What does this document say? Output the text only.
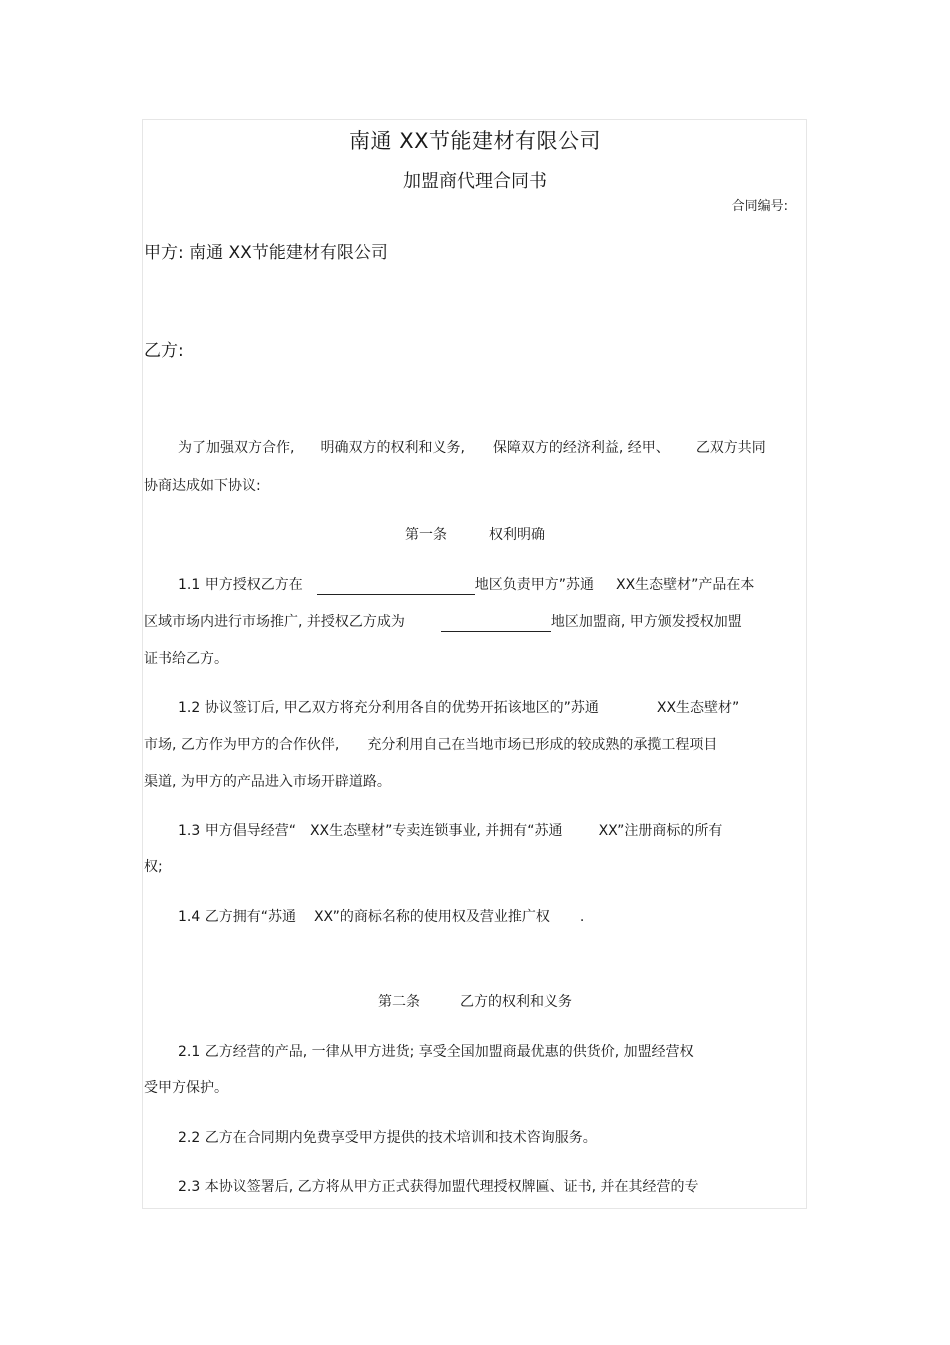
南通 XX节能建材有限公司
加盟商代理合同书
合同编号:
甲方: 南通 XX节能建材有限公司
乙方:
为了加强双方合作, 明确双方的权利和义务, 保障双方的经济利益, 经甲、 乙双方共同
协商达成如下协议:
第一条	权利明确
1.1 甲方授权乙方在	地区负责甲方”苏通 XX生态壁材”产品在本
区域市场内进行市场推广, 并授权乙方成为	地区加盟商, 甲方颁发授权加盟
证书给乙方。
1.2 协议签订后, 甲乙双方将充分利用各自的优势开拓该地区的”苏通	XX生态壁材”
市场, 乙方作为甲方的合作伙伴, 充分利用自己在当地市场已形成的较成熟的承揽工程项目
渠道, 为甲方的产品进入市场开辟道路。
1.3 甲方倡导经营“ XX生态壁材”专卖连锁事业, 并拥有“苏通	XX”注册商标的所有
权;
1.4 乙方拥有“苏通 XX”的商标名称的使用权及营业推广权 .
第二条	乙方的权利和义务
2.1 乙方经营的产品, 一律从甲方进货; 享受全国加盟商最优惠的供货价, 加盟经营权
受甲方保护。
2.2 乙方在合同期内免费享受甲方提供的技术培训和技术咨询服务。
2.3 本协议签署后, 乙方将从甲方正式获得加盟代理授权牌匾、证书, 并在其经营的专
